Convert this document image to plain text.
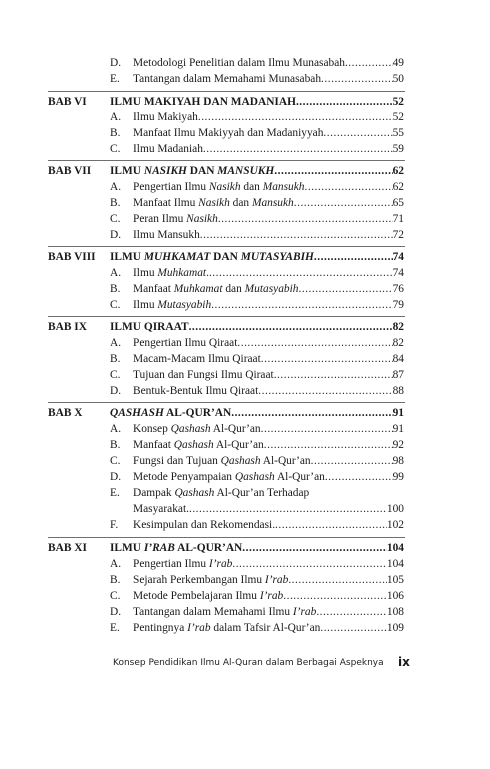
D. Metodologi Penelitian dalam Ilmu Munasabah .....	49
E. Tantangan dalam Memahami Munasabah .....	50
BAB VI ILMU MAKIYAH DAN MADANIAH .....	52
A. Ilmu Makiyah .....	52
B. Manfaat Ilmu Makiyyah dan Madaniyyah .....	55
C. Ilmu Madaniah .....	59
BAB VII ILMU NASIKH DAN MANSUKH .....	62
A. Pengertian Ilmu Nasikh dan Mansukh .....	62
B. Manfaat Ilmu Nasikh dan Mansukh .....	65
C. Peran Ilmu Nasikh .....	71
D. Ilmu Mansukh .....	72
BAB VIII ILMU MUHKAMAT DAN MUTASYABIH .....	74
A. Ilmu Muhkamat. .....	74
B. Manfaat Muhkamat dan Mutasyabih .....	76
C. Ilmu Mutasyabih .....	79
BAB IX ILMU QIRAAT .....	82
A. Pengertian Ilmu Qiraat .....	82
B. Macam-Macam Ilmu Qiraat .....	84
C. Tujuan dan Fungsi Ilmu Qiraat .....	87
D. Bentuk-Bentuk Ilmu Qiraat .....	88
BAB X QASHASH AL-QUR’AN .....	91
A. Konsep Qashash Al-Qur’an .....	91
B. Manfaat Qashash Al-Qur’an .....	92
C. Fungsi dan Tujuan Qashash Al-Qur’an .....	98
D. Metode Penyampaian Qashash Al-Qur’an .....	99
E. Dampak Qashash Al-Qur’an Terhadap
Masyarakat. .....	100
F. Kesimpulan dan Rekomendasi. .....	102
BAB XI ILMU I’RAB AL-QUR’AN .....	104
A. Pengertian Ilmu I’rab .....	104
B. Sejarah Perkembangan Ilmu I’rab .....	105
C. Metode Pembelajaran Ilmu I’rab .....	106
D. Tantangan dalam Memahami Ilmu I’rab .....	108
E. Pentingnya I’rab dalam Tafsir Al-Qur’an .....	109
Konsep Pendidikan Ilmu Al-Quran dalam Berbagai Aspeknya	ix
